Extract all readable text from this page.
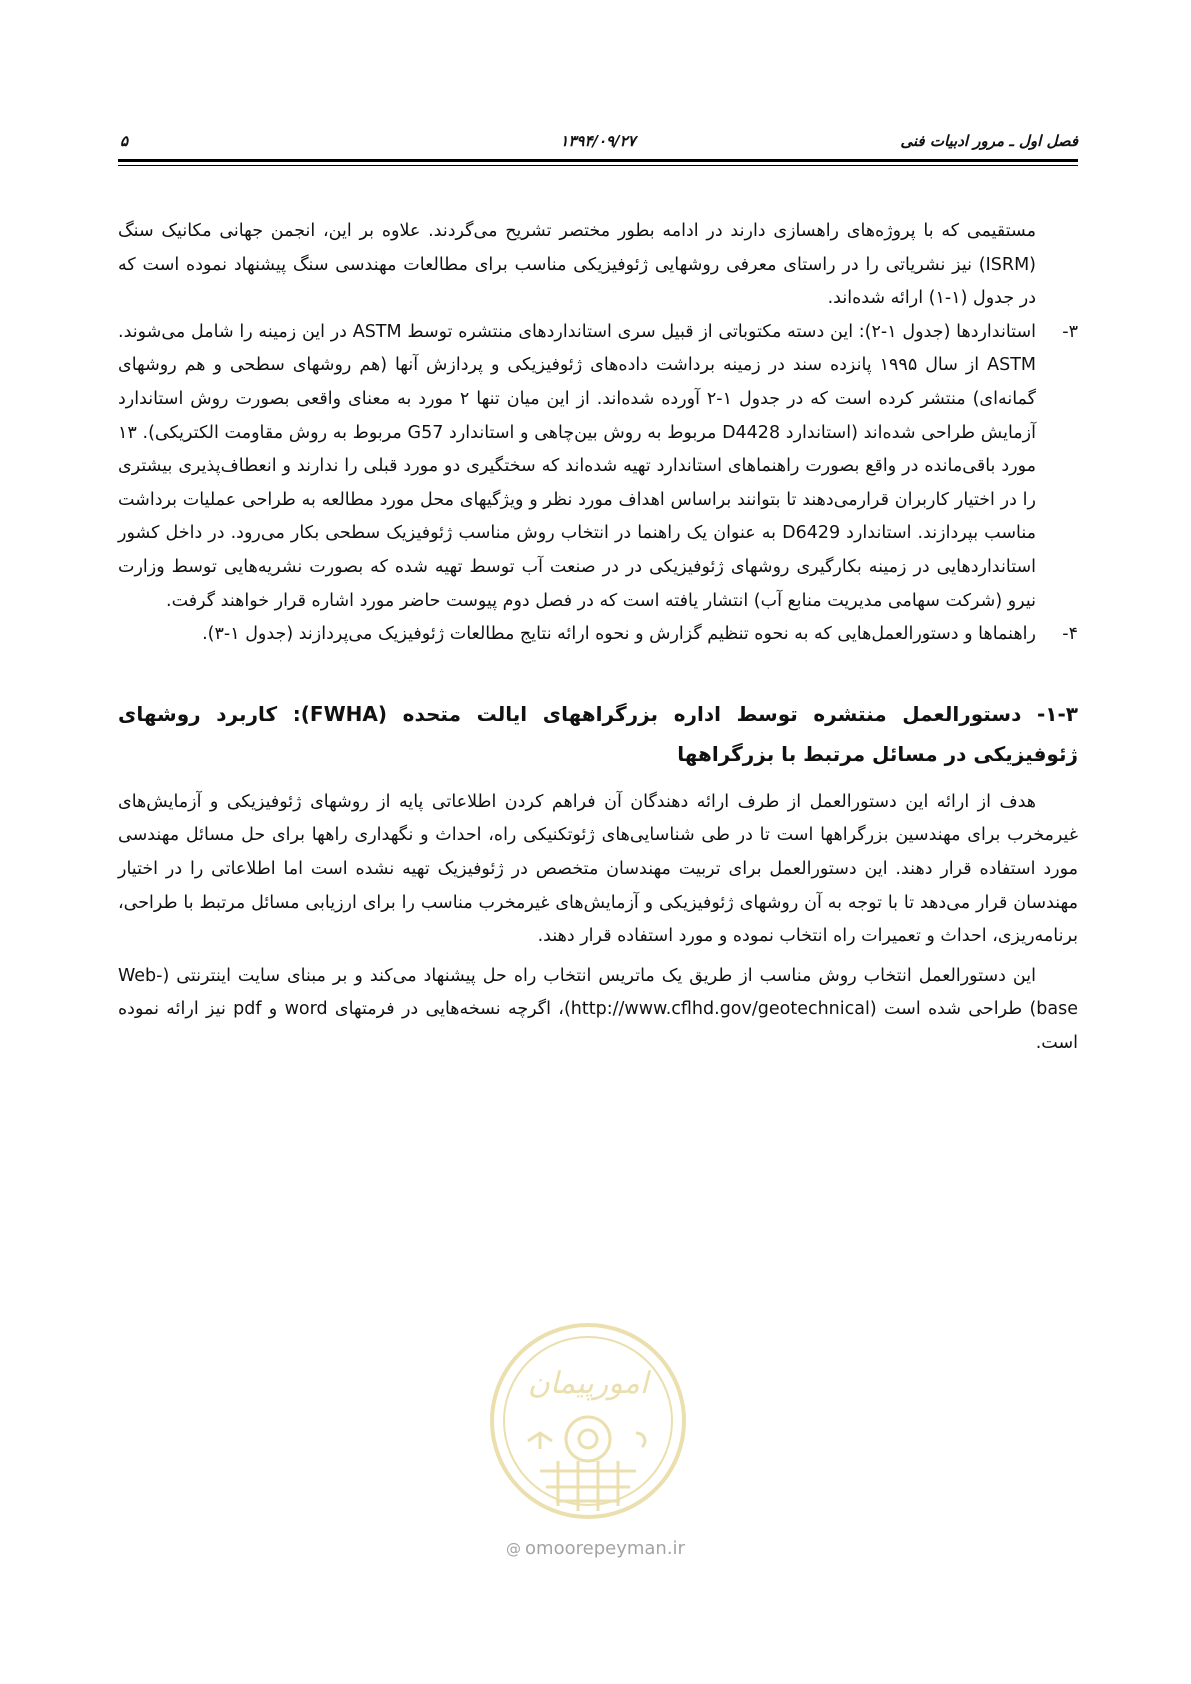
فصل اول ـ مرور ادبیات فنی
۱۳۹۴/۰۹/۲۷
۵

مستقیمی که با پروژه‌های راهسازی دارند در ادامه بطور مختصر تشریح می‌گردند. علاوه بر این، انجمن جهانی مکانیک سنگ (ISRM) نیز نشریاتی را در راستای معرفی روشهایی ژئوفیزیکی مناسب برای مطالعات مهندسی سنگ پیشنهاد نموده است که در جدول (۱-۱) ارائه شده‌اند.

۳-

استانداردها (جدول ۱-۲): این دسته مکتوباتی از قبیل سری استانداردهای منتشره توسط ASTM در این زمینه را شامل می‌شوند. ASTM از سال ۱۹۹۵ پانزده سند در زمینه برداشت داده‌های ژئوفیزیکی و پردازش آنها (هم روشهای سطحی و هم روشهای گمانه‌ای) منتشر کرده است که در جدول ۱-۲ آورده شده‌اند. از این میان تنها ۲ مورد به معنای واقعی بصورت روش استاندارد آزمایش طراحی شده‌اند (استاندارد D4428 مربوط به روش بین‌چاهی و استاندارد G57 مربوط به روش مقاومت الکتریکی). ۱۳ مورد باقی‌مانده در واقع بصورت راهنماهای استاندارد تهیه شده‌اند که سختگیری دو مورد قبلی را ندارند و انعطاف‌پذیری بیشتری را در اختیار کاربران قرارمی‌دهند تا بتوانند براساس اهداف مورد نظر و ویژگیهای محل مورد مطالعه به طراحی عملیات برداشت مناسب بپردازند. استاندارد D6429 به عنوان یک راهنما در انتخاب روش مناسب ژئوفیزیک سطحی بکار می‌رود. در داخل کشور استانداردهایی در زمینه بکارگیری روشهای ژئوفیزیکی در در صنعت آب توسط تهیه شده که بصورت نشریه‌هایی توسط وزارت نیرو (شرکت سهامی مدیریت منابع آب) انتشار یافته است که در فصل دوم پیوست حاضر مورد اشاره قرار خواهند گرفت.

۴-

راهنماها و دستورالعمل‌هایی که به نحوه تنظیم گزارش و نحوه ارائه نتایج مطالعات ژئوفیزیک می‌پردازند (جدول ۱-۳).

۱-۳- دستورالعمل منتشره توسط اداره بزرگراههای ایالت متحده (FWHA): کاربرد روشهای ژئوفیزیکی در مسائل مرتبط با بزرگراهها

هدف از ارائه این دستورالعمل از طرف ارائه دهندگان آن فراهم کردن اطلاعاتی پایه از روشهای ژئوفیزیکی و آزمایش‌های غیرمخرب برای مهندسین بزرگراهها است تا در طی شناسایی‌های ژئوتکنیکی راه، احداث و نگهداری راهها برای حل مسائل مهندسی مورد استفاده قرار دهند. این دستورالعمل برای تربیت مهندسان متخصص در ژئوفیزیک تهیه نشده است اما اطلاعاتی را در اختیار مهندسان قرار می‌دهد تا با توجه به آن روشهای ژئوفیزیکی و آزمایش‌های غیرمخرب مناسب را برای ارزیابی مسائل مرتبط با طراحی، برنامه‌ریزی، احداث و تعمیرات راه انتخاب نموده و مورد استفاده قرار دهند.

این دستورالعمل انتخاب روش مناسب از طریق یک ماتریس انتخاب راه حل پیشنهاد می‌کند و بر مبنای سایت اینترنتی (Web-base) طراحی شده است (http://www.cflhd.gov/geotechnical)، اگرچه نسخه‌هایی در فرمتهای word و pdf نیز ارائه نموده است.

امورپیمان
@ omoorepeyman.ir
